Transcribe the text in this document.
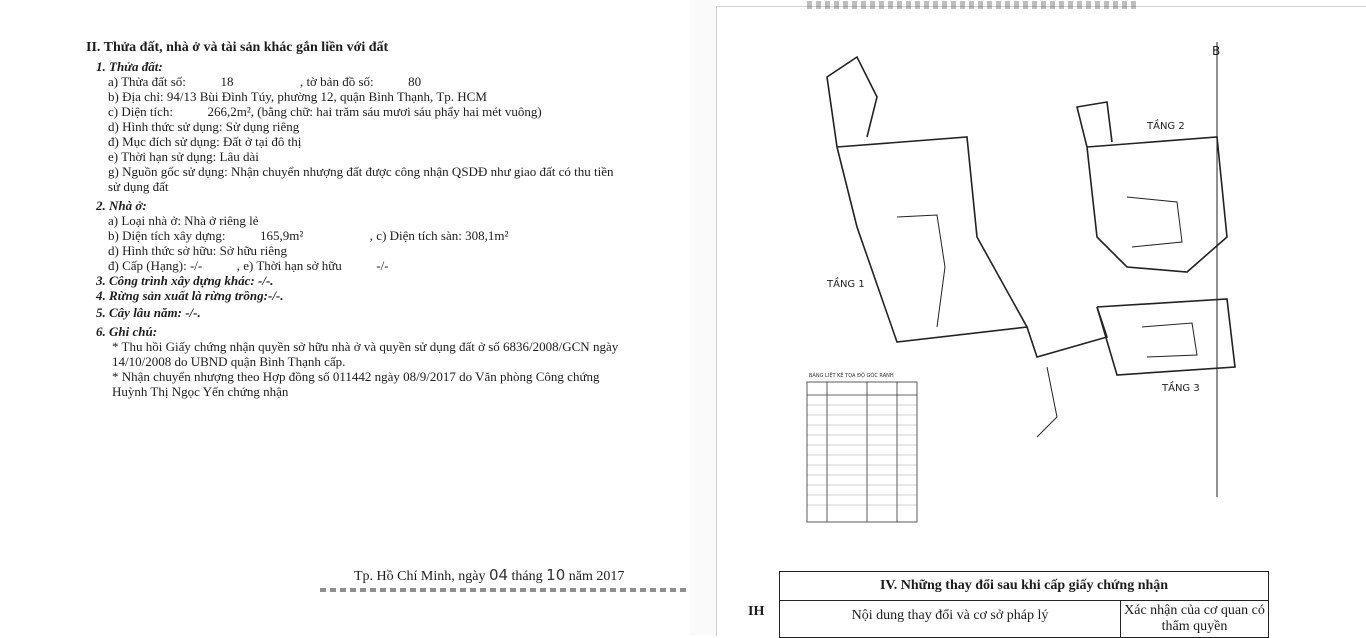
II. Thửa đất, nhà ở và tài sản khác gắn liền với đất
1. Thửa đất:
a) Thửa đất số:	18	, tờ bản đồ số:	80
b) Địa chỉ: 94/13 Bùi Đình Túy, phường 12, quận Bình Thạnh, Tp. HCM
c) Diện tích:	266,2m², (bằng chữ: hai trăm sáu mươi sáu phẩy hai mét vuông)
d) Hình thức sử dụng: Sử dụng riêng
đ) Mục đích sử dụng: Đất ở tại đô thị
e) Thời hạn sử dụng: Lâu dài
g) Nguồn gốc sử dụng: Nhận chuyển nhượng đất được công nhận QSDĐ như giao đất có thu tiền sử dụng đất
2. Nhà ở:
a) Loại nhà ở: Nhà ở riêng lẻ
b) Diện tích xây dựng:	165,9m²	, c) Diện tích sàn: 308,1m²
d) Hình thức sở hữu: Sở hữu riêng
đ) Cấp (Hạng): -/-	, e) Thời hạn sở hữu	-/-
3. Công trình xây dựng khác: -/-.
4. Rừng sản xuất là rừng trồng:-/-.
5. Cây lâu năm: -/-.
6. Ghi chú:
* Thu hồi Giấy chứng nhận quyền sở hữu nhà ở và quyền sử dụng đất ở số 6836/2008/GCN ngày 14/10/2008 do UBND quận Bình Thạnh cấp.
* Nhận chuyển nhượng theo Hợp đồng số 011442 ngày 08/9/2017 do Văn phòng Công chứng Huỳnh Thị Ngọc Yến chứng nhận
Tp. Hồ Chí Minh, ngày 04 tháng 10 năm 2017
TẦNG 1
TẦNG 2
TẦNG 3
B
BẢNG LIỆT KÊ TỌA ĐỘ GÓC RANH
IV. Những thay đổi sau khi cấp giấy chứng nhận
Nội dung thay đổi và cơ sở pháp lý	Xác nhận của cơ quan có thẩm quyền
IH
